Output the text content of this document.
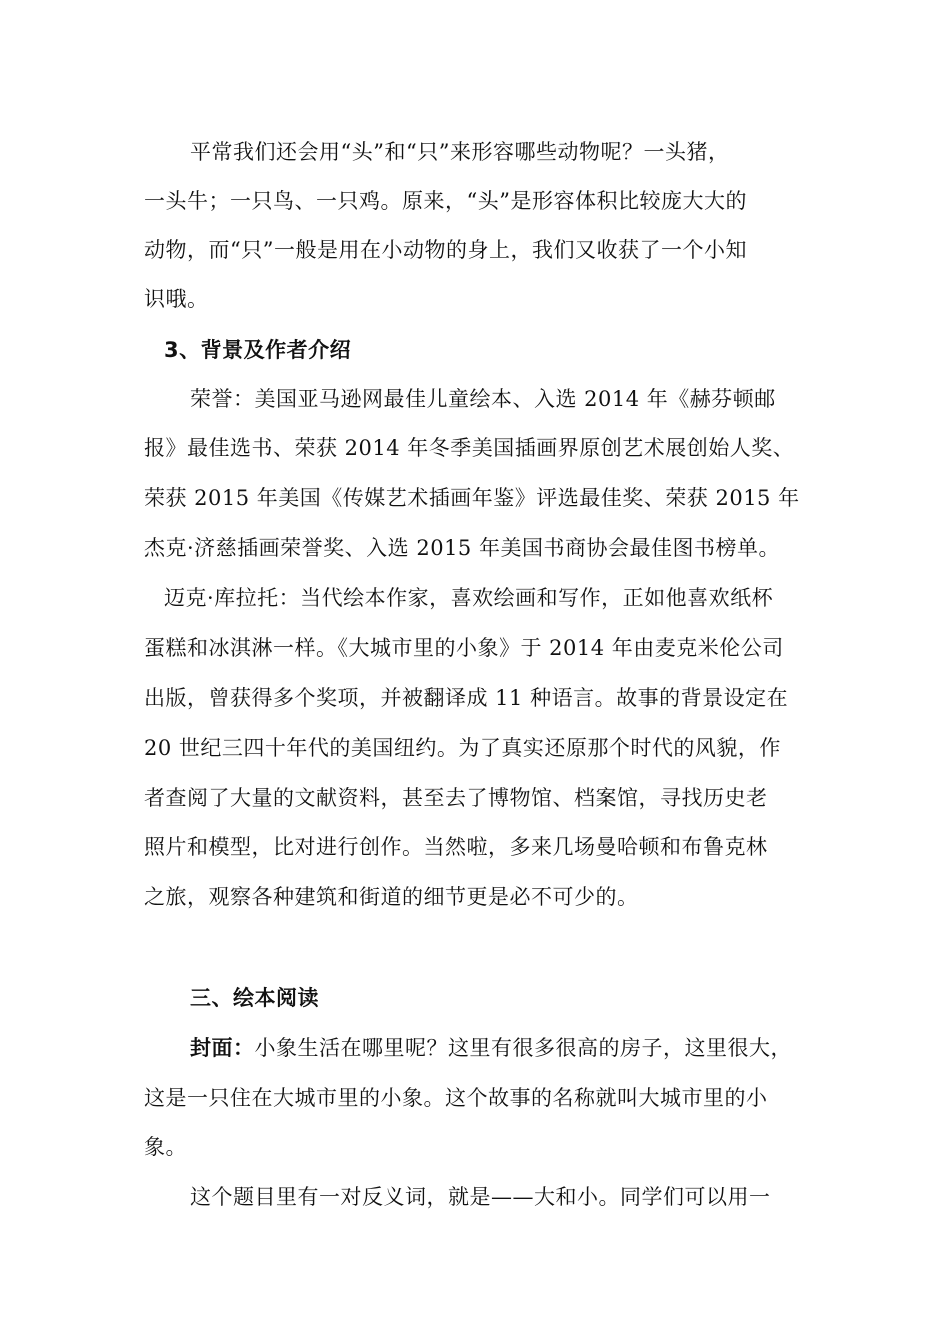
平常我们还会用“头”和“只”来形容哪些动物呢？一头猪，
一头牛；一只鸟、一只鸡。原来，“头”是形容体积比较庞大大的
动物，而“只”一般是用在小动物的身上，我们又收获了一个小知
识哦。
3、背景及作者介绍
荣誉：美国亚马逊网最佳儿童绘本、入选 2014 年《赫芬顿邮
报》最佳选书、荣获 2014 年冬季美国插画界原创艺术展创始人奖、
荣获 2015 年美国《传媒艺术插画年鉴》评选最佳奖、荣获 2015 年
杰克·济慈插画荣誉奖、入选 2015 年美国书商协会最佳图书榜单。
迈克·库拉托：当代绘本作家，喜欢绘画和写作，正如他喜欢纸杯
蛋糕和冰淇淋一样。《大城市里的小象》于 2014 年由麦克米伦公司
出版，曾获得多个奖项，并被翻译成 11 种语言。故事的背景设定在
20 世纪三四十年代的美国纽约。为了真实还原那个时代的风貌，作
者查阅了大量的文献资料，甚至去了博物馆、档案馆，寻找历史老
照片和模型，比对进行创作。当然啦，多来几场曼哈顿和布鲁克林
之旅，观察各种建筑和街道的细节更是必不可少的。
三、绘本阅读
封面：小象生活在哪里呢？这里有很多很高的房子，这里很大，
这是一只住在大城市里的小象。这个故事的名称就叫大城市里的小
象。
这个题目里有一对反义词，就是——大和小。同学们可以用一
